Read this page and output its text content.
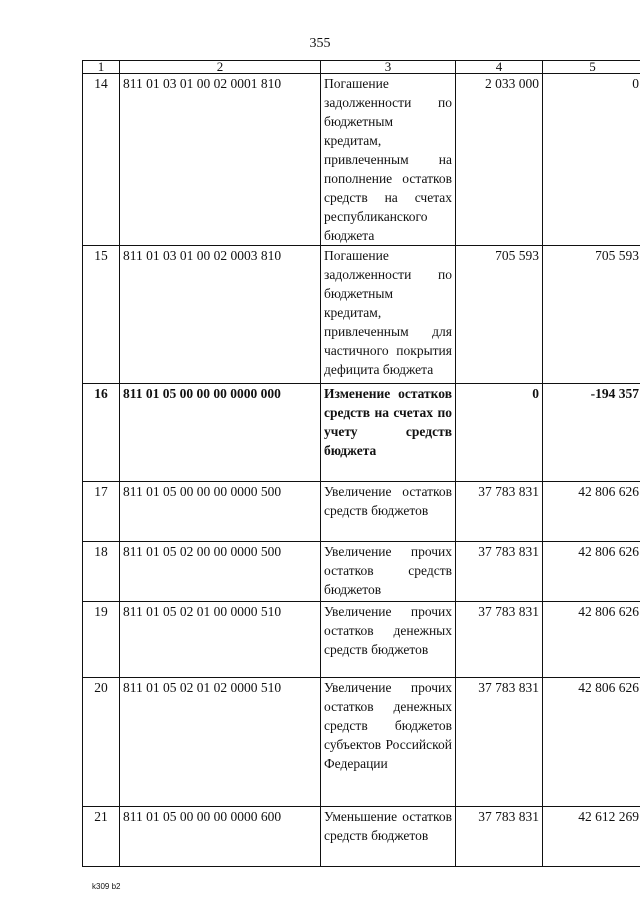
355
1	2	3	4	5
14	811 01 03 01 00 02 0001 810	Погашение задолженности по бюджетным кредитам, привлеченным на пополнение остатков средств на счетах республиканского бюджета	2 033 000	0
15	811 01 03 01 00 02 0003 810	Погашение задолженности по бюджетным кредитам, привлеченным для частичного покрытия дефицита бюджета	705 593	705 593
16	811 01 05 00 00 00 0000 000	Изменение остатков средств на счетах по учету средств бюджета	0	-194 357
17	811 01 05 00 00 00 0000 500	Увеличение остатков средств бюджетов	37 783 831	42 806 626
18	811 01 05 02 00 00 0000 500	Увеличение прочих остатков средств бюджетов	37 783 831	42 806 626
19	811 01 05 02 01 00 0000 510	Увеличение прочих остатков денежных средств бюджетов	37 783 831	42 806 626
20	811 01 05 02 01 02 0000 510	Увеличение прочих остатков денежных средств бюджетов субъектов Российской Федерации	37 783 831	42 806 626
21	811 01 05 00 00 00 0000 600	Уменьшение остатков средств бюджетов	37 783 831	42 612 269
k309 b2
